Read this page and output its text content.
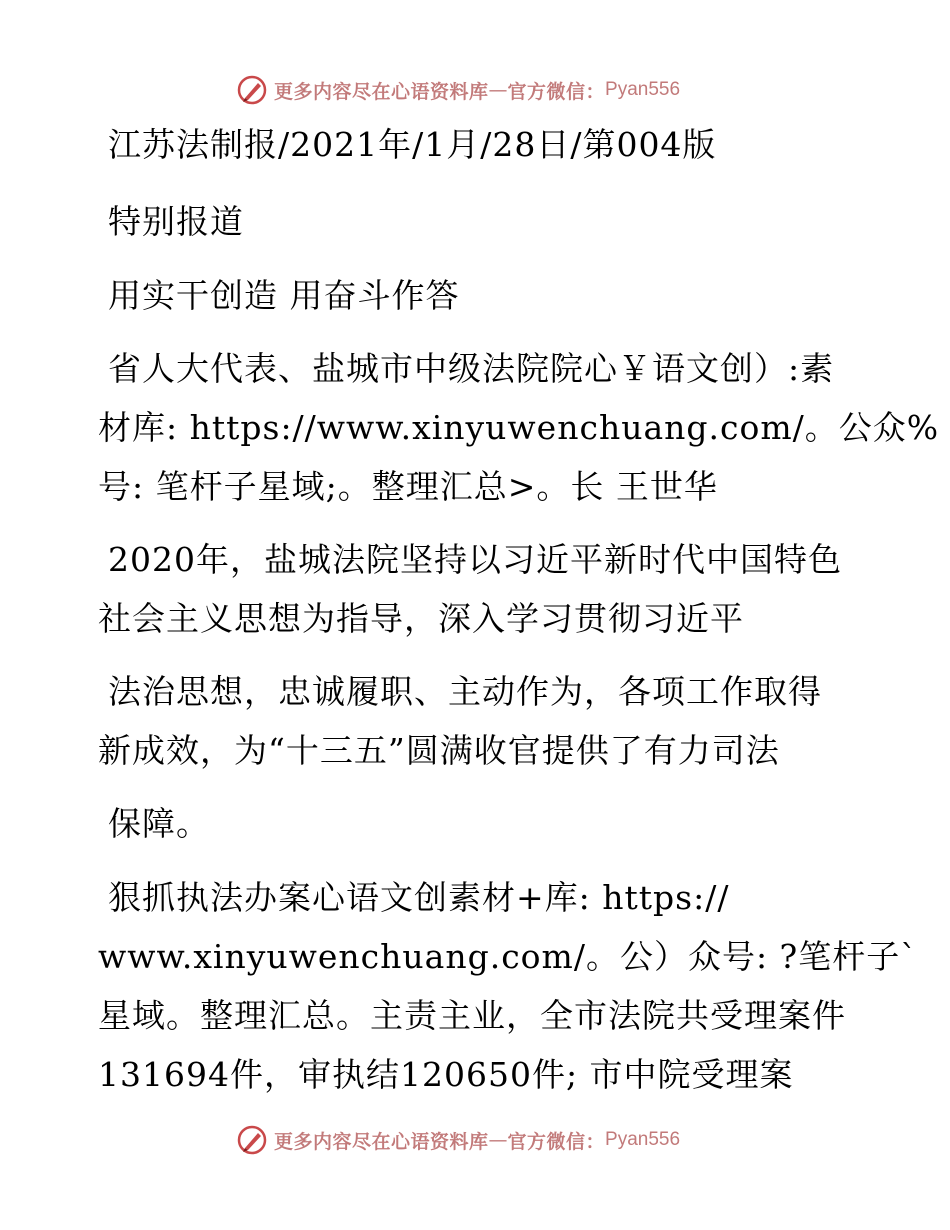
更多内容尽在心语资料库 — 官方微信： Pyan556
江苏法制报/2021年/1月/28日/第004版
特别报道
用实干创造 用奋斗作答
省人大代表、盐城市中级法院院心￥语文创）:素
材库: https://www.xinyuwenchuang.com/。公众%
号: 笔杆子星域;。整理汇总>。长 王世华
2020年，盐城法院坚持以习近平新时代中国特色
社会主义思想为指导，深入学习贯彻习近平
法治思想，忠诚履职、主动作为，各项工作取得
新成效，为“十三五”圆满收官提供了有力司法
保障。
狠抓执法办案心语文创素材+库: https://
www.xinyuwenchuang.com/。公）众号: ?笔杆子`
星域。整理汇总。主责主业，全市法院共受理案件
131694件，审执结120650件; 市中院受理案
更多内容尽在心语资料库 — 官方微信： Pyan556
